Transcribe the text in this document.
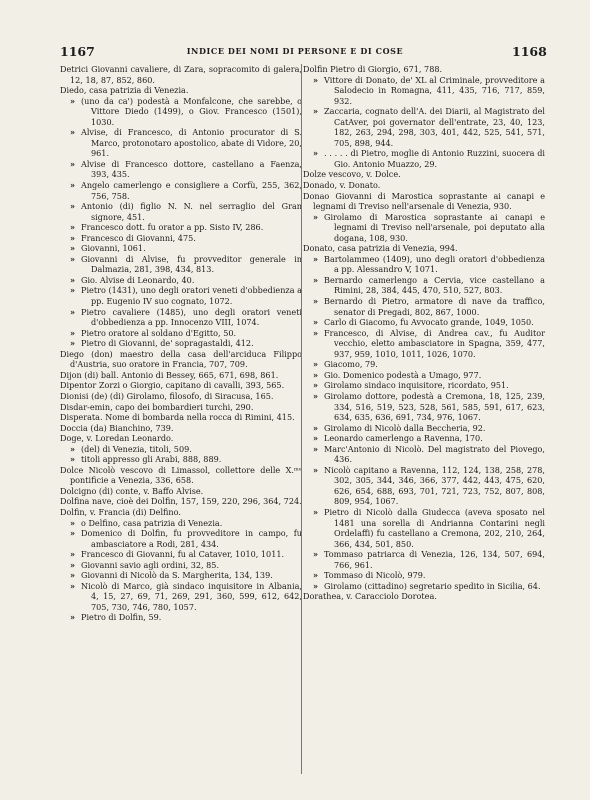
1167	INDICE DEI NOMI DI PERSONE E DI COSE	1168
Detrici Giovanni cavaliere, di Zara, sopracomito di galera, 12, 18, 87, 852, 860.
Diedo, casa patrizia di Venezia.
» (uno da ca') podestà a Monfalcone, che sarebbe, o Vittore Diedo (1499), o Giov. Francesco (1501), 1030.
» Alvise, di Francesco, di Antonio procurator di S. Marco, protonotaro apostolico, abate di Vidore, 20, 961.
» Alvise di Francesco dottore, castellano a Faenza, 393, 435.
» Angelo camerlengo e consigliere a Corfù, 255, 362, 756, 758.
» Antonio (di) figlio N. N. nel serraglio del Gran signore, 451.
» Francesco dott. fu orator a pp. Sisto IV, 286.
» Francesco di Giovanni, 475.
» Giovanni, 1061.
» Giovanni di Alvise, fu provveditor generale in Dalmazia, 281, 398, 434, 813.
» Gio. Alvise di Leonardo, 40.
» Pietro (1431), uno degli oratori veneti d'obbedienza a pp. Eugenio IV suo cognato, 1072.
» Pietro cavaliere (1485), uno degli oratori veneti d'obbedienza a pp. Innocenzo VIII, 1074.
» Pietro oratore al soldano d'Egitto, 50.
» Pietro di Giovanni, de' sopragastaldi, 412.
Diego (don) maestro della casa dell'arciduca Filippo d'Austria, suo oratore in Francia, 707, 709.
Dijon (di) ball. Antonio di Bessey, 665, 671, 698, 861.
Dipentor Zorzi o Giorgio, capitano di cavalli, 393, 565.
Dionisi (de) (di) Girolamo, filosofo, di Siracusa, 165.
Disdar-emin, capo dei bombardieri turchi, 290.
Disperata. Nome di bombarda nella rocca di Rimini, 415.
Doccia (da) Bianchino, 739.
Doge, v. Loredan Leonardo.
» (del) di Venezia, titoli, 509.
» titoli appresso gli Arabi, 888, 889.
Dolce Nicolò vescovo di Limassol, collettore delle X.ᵐᵉ pontificie a Venezia, 336, 658.
Dolcigno (di) conte, v. Baffo Alvise.
Dolfina nave, cioè dei Dolfin, 157, 159, 220, 296, 364, 724.
Dolfin, v. Francia (di) Delfino.
» o Delfino, casa patrizia di Venezia.
» Domenico di Dolfin, fu provveditore in campo, fu ambasciatore a Rodi, 281, 434.
» Francesco di Giovanni, fu al Cataver, 1010, 1011.
» Giovanni savio agli ordini, 32, 85.
» Giovanni di Nicolò da S. Margherita, 134, 139.
» Nicolò di Marco, già sindaco inquisitore in Albania, 4, 15, 27, 69, 71, 269, 291, 360, 599, 612, 642, 705, 730, 746, 780, 1057.
» Pietro di Dolfin, 59.
Dolfin Pietro di Giorgio, 671, 788.
» Vittore di Donato, de' XL al Criminale, provveditore a Salodecio in Romagna, 411, 435, 716, 717, 859, 932.
» Zaccaria, cognato dell'A. dei Diarii, al Magistrato del CatAver, poi governator dell'entrate, 23, 40, 123, 182, 263, 294, 298, 303, 401, 442, 525, 541, 571, 705, 898, 944.
» . . . . . di Pietro, moglie di Antonio Ruzzini, suocera di Gio. Antonio Muazzo, 29.
Dolze vescovo, v. Dolce.
Donado, v. Donato.
Donao Giovanni di Marostica soprastante ai canapi e legnami di Treviso nell'arsenale di Venezia, 930.
» Girolamo di Marostica soprastante ai canapi e legnami di Treviso nell'arsenale, poi deputato alla dogana, 108, 930.
Donato, casa patrizia di Venezia, 994.
» Bartolammeo (1409), uno degli oratori d'obbedienza a pp. Alessandro V, 1071.
» Bernardo camerlengo a Cervia, vice castellano a Rimini, 28, 384, 445, 470, 510, 527, 803.
» Bernardo di Pietro, armatore di nave da traffico, senator di Pregadi, 802, 867, 1000.
» Carlo di Giacomo, fu Avvocato grande, 1049, 1050.
» Francesco, di Alvise, di Andrea cav., fu Auditor vecchio, eletto ambasciatore in Spagna, 359, 477, 937, 959, 1010, 1011, 1026, 1070.
» Giacomo, 79.
» Gio. Domenico podestà a Umago, 977.
» Girolamo sindaco inquisitore, ricordato, 951.
» Girolamo dottore, podestà a Cremona, 18, 125, 239, 334, 516, 519, 523, 528, 561, 585, 591, 617, 623, 634, 635, 636, 691, 734, 976, 1067.
» Girolamo di Nicolò dalla Beccheria, 92.
» Leonardo camerlengo a Ravenna, 170.
» Marc'Antonio di Nicolò. Del magistrato del Piovego, 436.
» Nicolò capitano a Ravenna, 112, 124, 138, 258, 278, 302, 305, 344, 346, 366, 377, 442, 443, 475, 620, 626, 654, 688, 693, 701, 721, 723, 752, 807, 808, 809, 954, 1067.
» Pietro di Nicolò dalla Giudecca (aveva sposato nel 1481 una sorella di Andrianna Contarini negli Ordelaffi) fu castellano a Cremona, 202, 210, 264, 366, 434, 501, 850.
» Tommaso patriarca di Venezia, 126, 134, 507, 694, 766, 961.
» Tommaso di Nicolò, 979.
» Girolamo (cittadino) segretario spedito in Sicilia, 64.
Dorathea, v. Caracciolo Dorotea.
